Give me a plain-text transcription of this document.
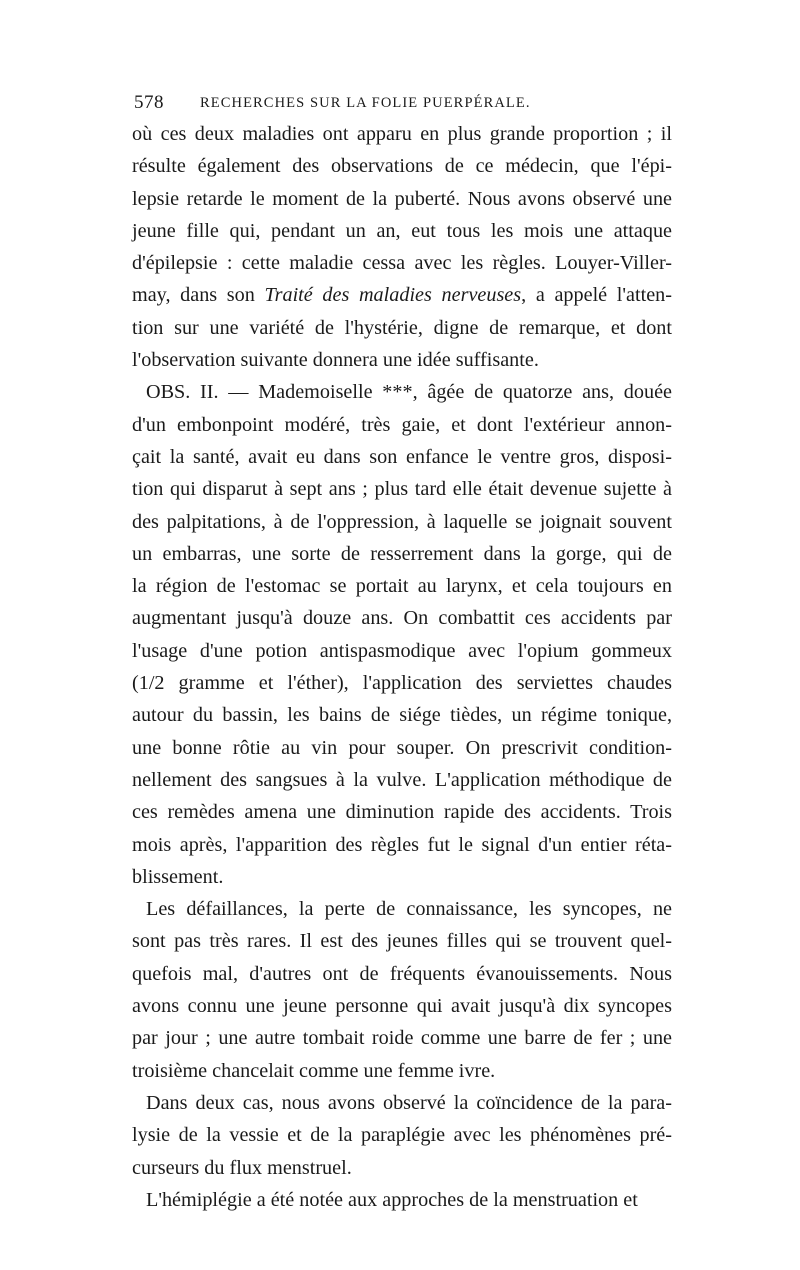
578 RECHERCHES SUR LA FOLIE PUERPÉRALE.
où ces deux maladies ont apparu en plus grande proportion ; il
résulte également des observations de ce médecin, que l'épi-
lepsie retarde le moment de la puberté. Nous avons observé une
jeune fille qui, pendant un an, eut tous les mois une attaque
d'épilepsie : cette maladie cessa avec les règles. Louyer-Viller-
may, dans son Traité des maladies nerveuses, a appelé l'atten-
tion sur une variété de l'hystérie, digne de remarque, et dont
l'observation suivante donnera une idée suffisante.
OBS. II. — Mademoiselle ***, âgée de quatorze ans, douée
d'un embonpoint modéré, très gaie, et dont l'extérieur annon-
çait la santé, avait eu dans son enfance le ventre gros, disposi-
tion qui disparut à sept ans ; plus tard elle était devenue sujette à
des palpitations, à de l'oppression, à laquelle se joignait souvent
un embarras, une sorte de resserrement dans la gorge, qui de
la région de l'estomac se portait au larynx, et cela toujours en
augmentant jusqu'à douze ans. On combattit ces accidents par
l'usage d'une potion antispasmodique avec l'opium gommeux
(1/2 gramme et l'éther), l'application des serviettes chaudes
autour du bassin, les bains de siége tièdes, un régime tonique,
une bonne rôtie au vin pour souper. On prescrivit condition-
nellement des sangsues à la vulve. L'application méthodique de
ces remèdes amena une diminution rapide des accidents. Trois
mois après, l'apparition des règles fut le signal d'un entier réta-
blissement.
Les défaillances, la perte de connaissance, les syncopes, ne
sont pas très rares. Il est des jeunes filles qui se trouvent quel-
quefois mal, d'autres ont de fréquents évanouissements. Nous
avons connu une jeune personne qui avait jusqu'à dix syncopes
par jour ; une autre tombait roide comme une barre de fer ; une
troisième chancelait comme une femme ivre.
Dans deux cas, nous avons observé la coïncidence de la para-
lysie de la vessie et de la paraplégie avec les phénomènes pré-
curseurs du flux menstruel.
L'hémiplégie a été notée aux approches de la menstruation et
